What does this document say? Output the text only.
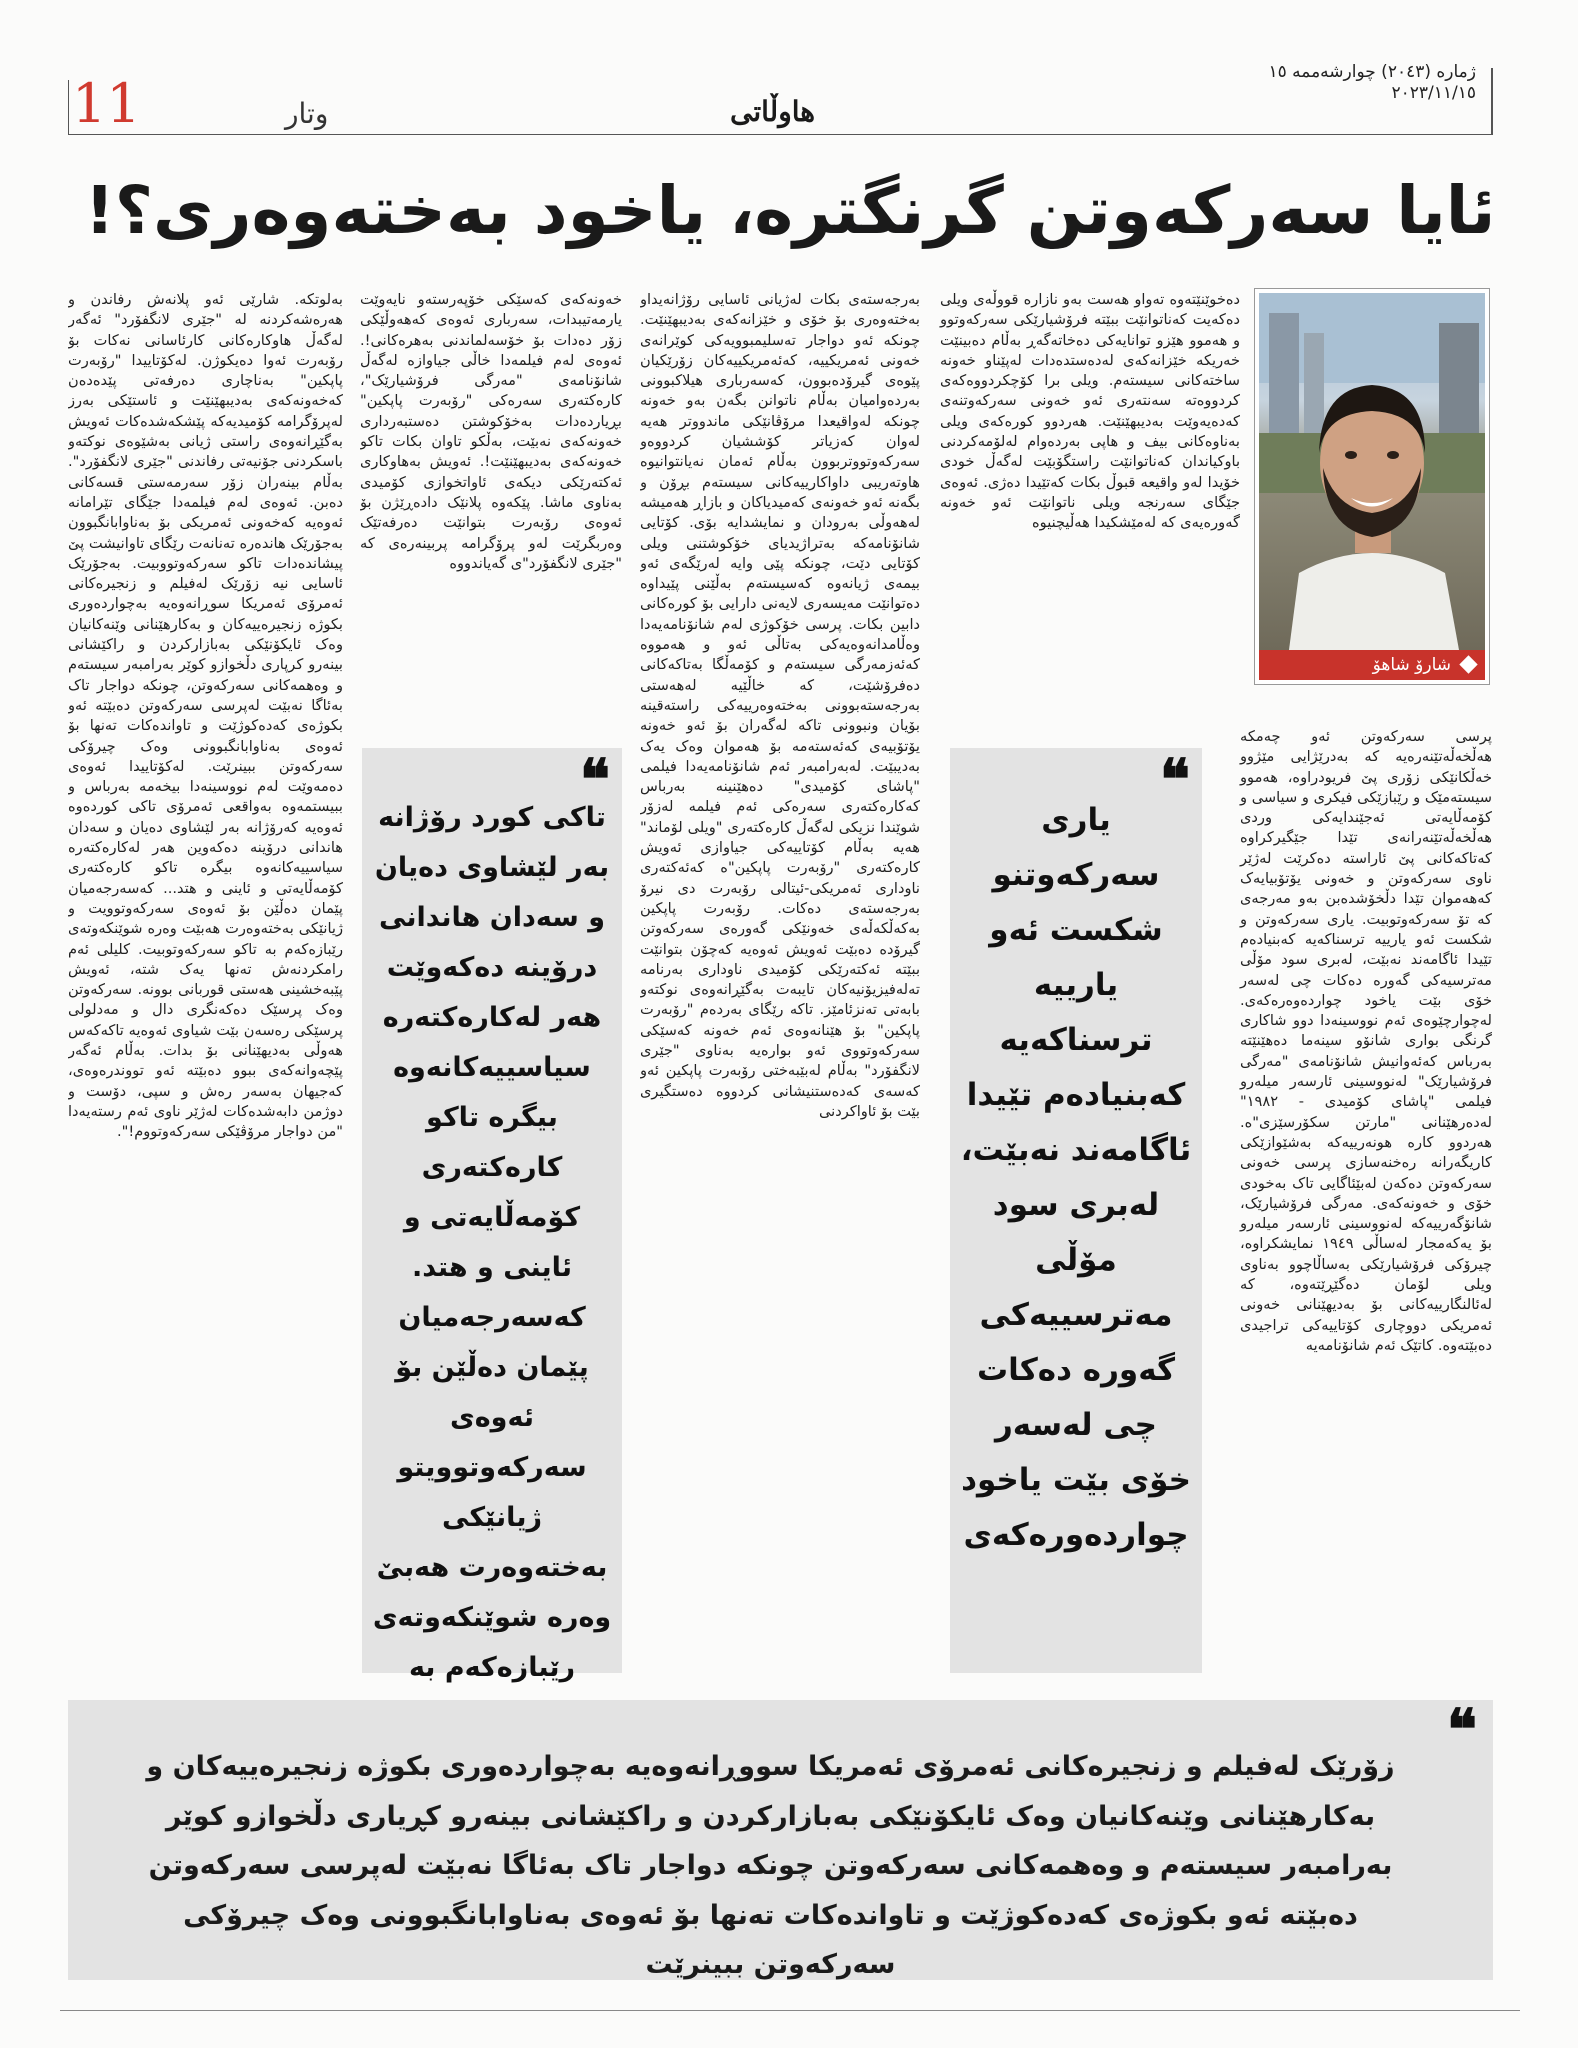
ژمارە (٢٠٤٣) چوارشەممە ١٥
٢٠٢٣/١١/١٥
هاوڵاتی
وتار
11
ئایا سەرکەوتن گرنگترە، یاخود بەختەوەری؟!
شارۆ شاهۆ
دەخوێنێتەوە تەواو هەست بەو نازارە قووڵەی ویلی دەکەیت کەناتوانێت ببێتە فرۆشیارێکی سەرکەوتوو و هەموو هێزو توانایەکی دەخاتەگەڕ بەڵام دەبینێت خەریکە خێزانەکەی لەدەستدەدات لەپێناو خەونە ساختەکانی سیستەم. ویلی برا کۆچکردووەکەی کردووەتە سەنتەری ئەو خەونی سەرکەوتنەی کەدەیەوێت بەدیبهێنێت. هەردوو کورەکەی ویلی بەناوەکانی بیف و هاپی بەردەوام لەلۆمەکردنی باوکیاندان کەناتوانێت راستگۆبێت لەگەڵ خودی خۆیدا لەو واقیعە قبوڵ بکات کەتێیدا دەژی. ئەوەی جێگای سەرنجە ویلی ناتوانێت ئەو خەونە گەورەیەی کە لەمێشکیدا هەڵیچنیوە
پرسی سەرکەوتن ئەو چەمکە هەڵخەڵەتێنەرەیە کە بەدرێژایی مێژوو خەڵکانێکی زۆری پێ فریودراوە، هەموو سیستەمێک و رێبازێکی فیکری و سیاسی و کۆمەڵایەتی ئەجێندایەکی وردی هەڵخەڵەتێنەرانەی تێدا جێگیرکراوە کەتاکەکانی پێ ئاراستە دەکرێت لەژێر ناوی سەرکەوتن و خەونی یۆتۆبیایەک کەهەموان تێدا دڵخۆشدەبن بەو مەرجەی کە تۆ سەرکەوتوبیت. یاری سەرکەوتن و شکست ئەو یارییە ترسناکەیە کەبنیادەم تێیدا ئاگامەند نەبێت، لەبری سود مۆڵی مەترسیەکی گەورە دەکات چی لەسەر خۆی بێت یاخود چواردەوەرەکەی. لەچوارچێوەی ئەم نووسینەدا دوو شاکاری گرنگی بواری شانۆو سینەما دەهێنێتە بەرباس کەئەوانیش شانۆنامەی "مەرگی فرۆشیارێک" لەنووسینی ئارسەر میلەرو فیلمی "پاشای کۆمیدی - ١٩٨٢" لەدەرهێنانی "مارتن سکۆرسێزی"ە. هەردوو کارە هونەرییەکە بەشێوازێکی کاریگەرانە رەخنەسازی پرسی خەونی سەرکەوتن دەکەن لەبێئاگایی تاک بەخودی خۆی و خەونەکەی. مەرگی فرۆشیارێک، شانۆگەرییەکە لەنووسینی ئارسەر میلەرو بۆ یەکەمجار لەساڵی ١٩٤٩ نمایشکراوە، چیرۆکی فرۆشیارێکی بەساڵاچوو بەناوی ویلی لۆمان دەگێڕێتەوە، کە لەئالنگارییەکانی بۆ بەدیهێنانی خەونی ئەمریکی دووچاری کۆتاییەکی تراجیدی دەبێتەوە. کاتێک ئەم شانۆنامەیە
بەرجەستەی بکات لەژیانی ئاسایی رۆژانەیداو بەختەوەری بۆ خۆی و خێزانەکەی بەدیبهێنێت. چونکە ئەو دواجار تەسلیمبوویەکی کوێرانەی خەونی ئەمریکییە، کەئەمریکییەکان زۆرێکیان پێوەی گیرۆدەبوون، کەسەرباری هیلاکبوونی بەردەوامیان بەڵام ناتوانن بگەن بەو خەونە چونکە لەواقیعدا مرۆڤانێکی ماندووتر هەیە لەوان کەزیاتر کۆششیان کردووەو سەرکەوتووتربوون بەڵام ئەمان نەیانتوانیوە هاوتەریبی داواکارییەکانی سیستەم بڕۆن و بگەنە ئەو خەونەی کەمیدیاکان و بازاڕ هەمیشە لەهەوڵی بەرودان و نمایشدایە بۆی. کۆتایی شانۆنامەکە بەتراژیدیای خۆکوشتنی ویلی کۆتایی دێت، چونکە پێی وایە لەرێگەی ئەو بیمەی ژیانەوە کەسیستەم بەڵێنی پێیداوە دەتوانێت مەیسەری لایەنی دارایی بۆ کورەکانی دابین بکات. پرسی خۆکوژی لەم شانۆنامەیەدا وەڵامدانەوەیەکی بەتاڵی ئەو و هەمووە کەئەزمەرگی سیستەم و کۆمەڵگا بەتاکەکانی دەفرۆشێت، کە خاڵێیە لەهەستی بەرجەستەبوونی بەختەوەرییەکی راستەقینە بۆیان ونبوونی تاکە لەگەران بۆ ئەو خەونە یۆتۆبیەی کەئەستەمە بۆ هەموان وەک یەک بەدیبێت. لەبەرامبەر ئەم شانۆنامەیەدا فیلمی "پاشای کۆمیدی" دەهێنینە بەرباس کەکارەکتەری سەرەکی ئەم فیلمە لەزۆر شوێندا نزیکی لەگەڵ کارەکتەری "ویلی لۆماند" هەیە بەڵام کۆتاییەکی جیاوازی ئەویش کارەکتەری "رۆبەرت پاپکین"ە کەئەکتەری ناوداری ئەمریکی-ئیتالی رۆبەرت دی نیرۆ بەرجەستەی دەکات. رۆبەرت پاپکین بەکەڵکەڵەی خەونێکی گەورەی سەرکەوتن گیرۆدە دەبێت ئەویش ئەوەیە کەچۆن بتوانێت ببێتە ئەکتەرێکی کۆمیدی ناوداری بەرنامە تەلەفیزیۆنیەکان تایبەت بەگێڕانەوەی نوکتەو بابەتی تەنزئامێز. تاکە رێگای بەردەم "رۆبەرت پاپکین" بۆ هێنانەوەی ئەم خەونە کەسێکی سەرکەوتووی ئەو بوارەیە بەناوی "جێری لانگفۆرد" بەڵام لەبێبەختی رۆبەرت پاپکین ئەو کەسەی کەدەستنیشانی کردووە دەستگیری بێت بۆ ئاواکردنی
خەونەکەی کەسێکی خۆپەرستەو نایەوێت یارمەتیبدات، سەرباری ئەوەی کەهەوڵێکی زۆر دەدات بۆ خۆسەلماندنی بەهرەکانی!. ئەوەی لەم فیلمەدا خاڵی جیاوازە لەگەڵ شانۆنامەی "مەرگی فرۆشیارێک"، کارەکتەری سەرەکی "رۆبەرت پاپکین" بڕیاردەدات بەخۆکوشتن دەستبەرداری خەونەکەی نەبێت، بەڵکو تاوان بکات تاکو خەونەکەی بەدیبهێنێت!. ئەویش بەهاوکاری ئەکتەرێکی دیکەی ئاواتخوازی کۆمیدی بەناوی ماشا. پێکەوە پلانێک دادەڕێژن بۆ ئەوەی رۆبەرت بتوانێت دەرفەتێک وەربگرێت لەو پرۆگرامە پربینەرەی کە "جێری لانگفۆرد"ی گەیاندووە
بەلوتکە. شارێی ئەو پلانەش رفاندن و هەرەشەکردنە لە "جێری لانگفۆرد" ئەگەر لەگەڵ هاوکارەکانی کارئاسانی نەکات بۆ رۆبەرت ئەوا دەیکوژن. لەکۆتاییدا "رۆبەرت پاپکین" بەناچاری دەرفەتی پێدەدەن کەخەونەکەی بەدیبهێنێت و ئاستێکی بەرز لەپرۆگرامە کۆمیدیەکە پێشکەشدەکات ئەویش بەگێڕانەوەی راستی ژیانی بەشێوەی نوکتەو باسکردنی جۆنیەتی رفاندنی "جێری لانگفۆرد". بەڵام بینەران زۆر سەرمەستی قسەکانی دەبن. ئەوەی لەم فیلمەدا جێگای تێرامانە ئەوەیە کەخەونی ئەمریکی بۆ بەناوابانگبوون بەجۆرێک هاندەرە تەنانەت رێگای تاوانیشت پێ پیشاندەدات تاکو سەرکەوتووبیت. بەجۆرێک ئاسایی نیە زۆرێک لەفیلم و زنجیرەکانی ئەمرۆی ئەمریکا سوڕانەوەیە بەچواردەوری بکوژە زنجیرەییەکان و بەکارهێنانی وێنەکانیان وەک ئایکۆنێکی بەبازارکردن و راکێشانی بینەرو کرپاری دڵخوازو کوێر بەرامبەر سیستەم و وەهمەکانی سەرکەوتن، چونکە دواجار تاک بەئاگا نەبێت لەپرسی سەرکەوتن دەبێتە ئەو بکوژەی کەدەکوژێت و تاواندەکات تەنها بۆ ئەوەی بەناوابانگبوونی وەک چیرۆکی سەرکەوتن ببینرێت. لەکۆتاییدا ئەوەی دەمەوێت لەم نووسینەدا بیخەمە بەرباس و ببیستمەوە بەواقعی ئەمرۆی تاکی کوردەوە ئەوەیە کەرۆژانە بەر لێشاوی دەیان و سەدان هاندانی درۆینە دەکەوین هەر لەکارەکتەرە سیاسییەکانەوە بیگرە تاکو کارەکتەری کۆمەڵایەتی و ئاینی و هتد... کەسەرجەمیان پێمان دەڵێن بۆ ئەوەی سەرکەوتوویت و ژیانێکی بەختەوەرت هەبێت وەرە شوێنکەوتەی رێبازەکەم بە تاکو سەرکەوتوبیت. کلیلی ئەم رامکردنەش تەنها یەک شتە، ئەویش پێبەخشینی هەستی قوربانی بوونە. سەرکەوتن وەک پرسێک دەکەنگری دال و مەدلولی پرسێکی رەسەن بێت شیاوی ئەوەیە تاکەکەس هەوڵی بەدیهێنانی بۆ بدات. بەڵام ئەگەر پێچەوانەکەی ببوو دەبێتە ئەو تووندرەوەی، کەجیهان بەسەر رەش و سپی، دۆست و دوژمن دابەشدەکات لەژێر ناوی ئەم رستەیەدا "من دواجار مرۆڤێکی سەرکەوتووم!".
❝
یاری سەرکەوتنو شکست ئەو یارییە ترسناکەیە کەبنیادەم تێیدا ئاگامەند نەبێت، لەبری سود مۆڵی مەترسییەکی گەورە دەکات چی لەسەر خۆی بێت یاخود چواردەورەکەی
❝
تاکی کورد رۆژانە بەر لێشاوی دەیان و سەدان هاندانی درۆینە دەکەوێت هەر لەکارەکتەرە سیاسییەکانەوە بیگرە تاکو کارەکتەری کۆمەڵایەتی و ئاینی و هتد. کەسەرجەمیان پێمان دەڵێن بۆ ئەوەی سەرکەوتوویتو ژیانێکی بەختەوەرت هەبێ وەرە شوێنکەوتەی رێبازەکەم بە
❝
زۆرێک لەفیلم و زنجیرەکانی ئەمرۆی ئەمریکا سووڕانەوەیە بەچواردەوری بکوژە زنجیرەییەکان و بەکارهێنانی وێنەکانیان وەک ئایکۆنێکی بەبازارکردن و راکێشانی بینەرو کڕیاری دڵخوازو کوێر بەرامبەر سیستەم و وەهمەکانی سەرکەوتن چونکە دواجار تاک بەئاگا نەبێت لەپرسی سەرکەوتن دەبێتە ئەو بکوژەی کەدەکوژێت و تاواندەکات تەنها بۆ ئەوەی بەناوابانگبوونی وەک چیرۆکی سەرکەوتن ببینرێت
